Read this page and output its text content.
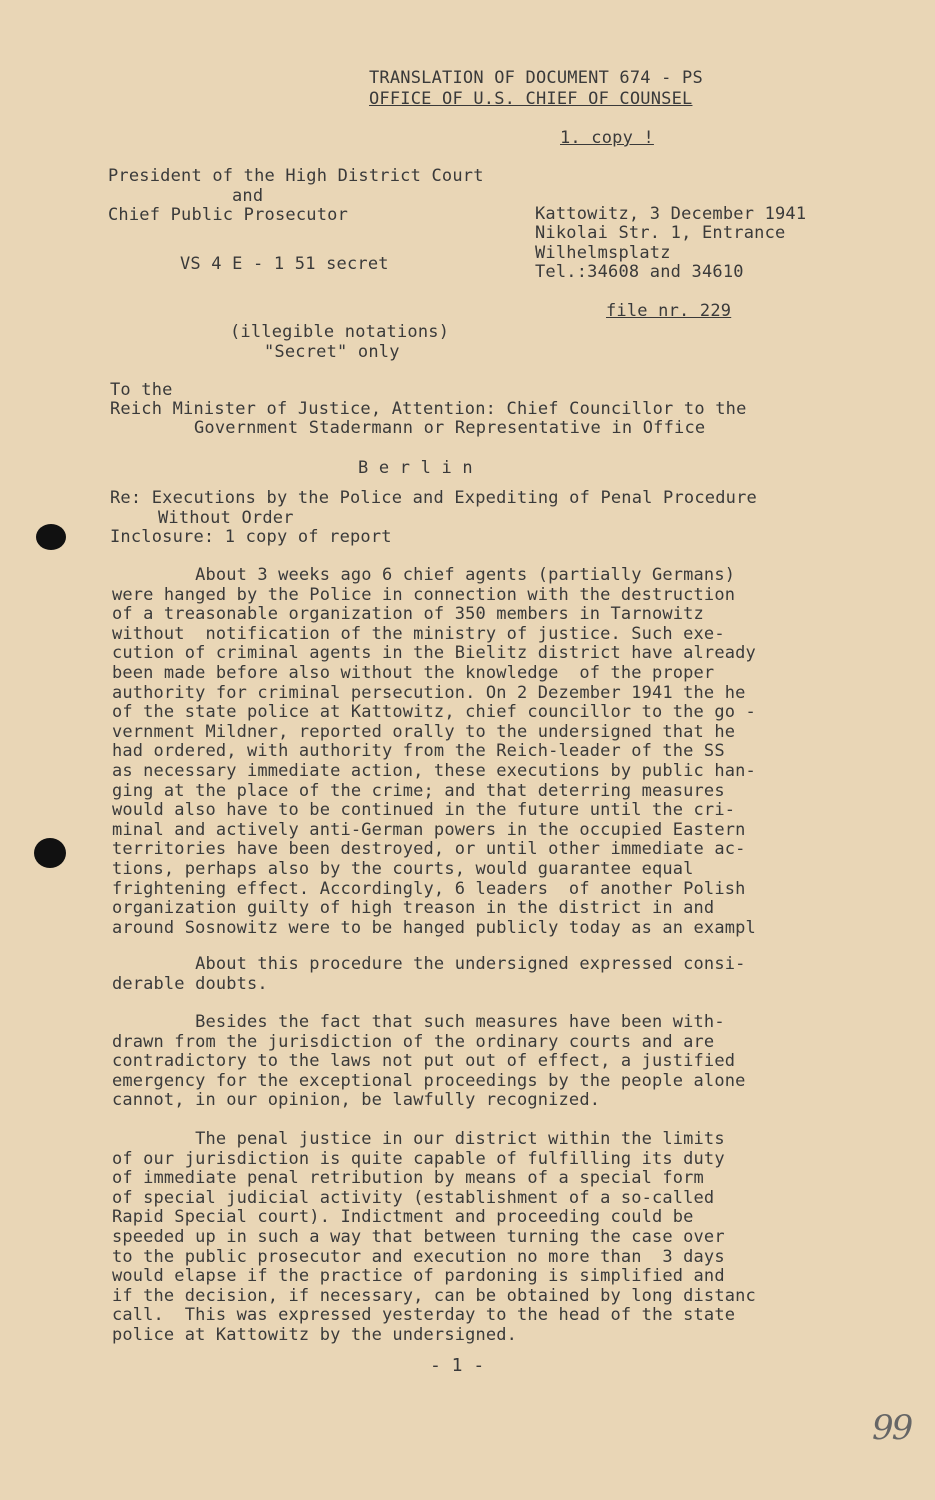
TRANSLATION OF DOCUMENT 674 - PS
OFFICE OF U.S. CHIEF OF COUNSEL
1. copy !
President of the High District Court
and
Chief Public Prosecutor
VS 4 E - 1 51 secret
Kattowitz, 3 December 1941
Nikolai Str. 1, Entrance
Wilhelmsplatz
Tel.:34608 and 34610
file nr. 229
(illegible notations)
"Secret" only
To the
Reich Minister of Justice, Attention: Chief Councillor to the
Government Stadermann or Representative in Office
B e r l i n
Re: Executions by the Police and Expediting of Penal Procedure
Without Order
Inclosure: 1 copy of report
About 3 weeks ago 6 chief agents (partially Germans)
were hanged by the Police in connection with the destruction
of a treasonable organization of 350 members in Tarnowitz
without  notification of the ministry of justice. Such exe-
cution of criminal agents in the Bielitz district have already
been made before also without the knowledge  of the proper
authority for criminal persecution. On 2 Dezember 1941 the he
of the state police at Kattowitz, chief councillor to the go -
vernment Mildner, reported orally to the undersigned that he
had ordered, with authority from the Reich-leader of the SS
as necessary immediate action, these executions by public han-
ging at the place of the crime; and that deterring measures
would also have to be continued in the future until the cri-
minal and actively anti-German powers in the occupied Eastern
territories have been destroyed, or until other immediate ac-
tions, perhaps also by the courts, would guarantee equal
frightening effect. Accordingly, 6 leaders  of another Polish
organization guilty of high treason in the district in and
around Sosnowitz were to be hanged publicly today as an exampl
About this procedure the undersigned expressed consi-
derable doubts.
Besides the fact that such measures have been with-
drawn from the jurisdiction of the ordinary courts and are
contradictory to the laws not put out of effect, a justified
emergency for the exceptional proceedings by the people alone
cannot, in our opinion, be lawfully recognized.
The penal justice in our district within the limits
of our jurisdiction is quite capable of fulfilling its duty
of immediate penal retribution by means of a special form
of special judicial activity (establishment of a so-called
Rapid Special court). Indictment and proceeding could be
speeded up in such a way that between turning the case over
to the public prosecutor and execution no more than  3 days
would elapse if the practice of pardoning is simplified and
if the decision, if necessary, can be obtained by long distanc
call.  This was expressed yesterday to the head of the state
police at Kattowitz by the undersigned.
- 1 -
99
